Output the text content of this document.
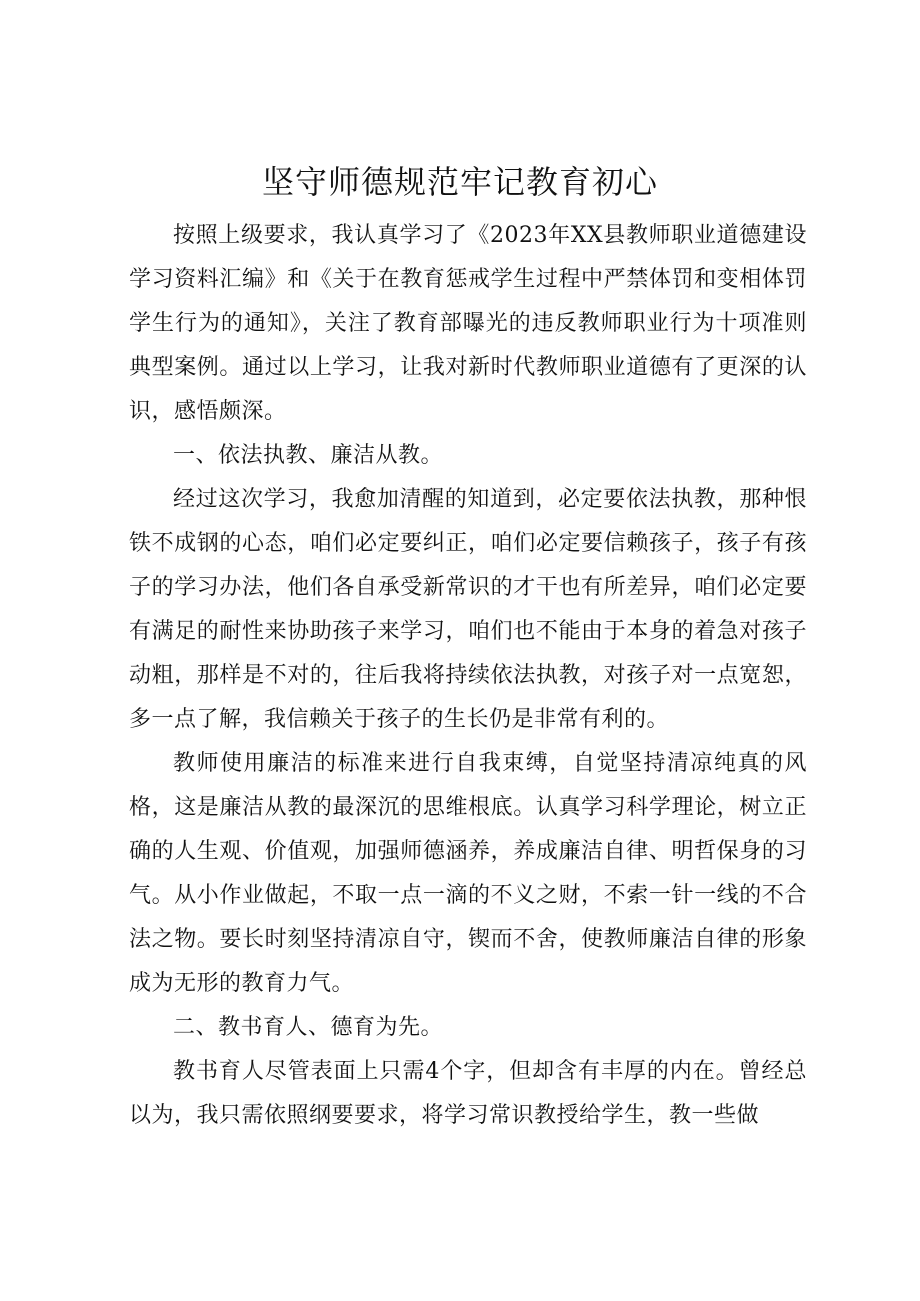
坚守师德规范牢记教育初心

按照上级要求，我认真学习了《2023年XX县教师职业道德建设学习资料汇编》和《关于在教育惩戒学生过程中严禁体罚和变相体罚学生行为的通知》，关注了教育部曝光的违反教师职业行为十项准则典型案例。通过以上学习，让我对新时代教师职业道德有了更深的认识，感悟颇深。

一、依法执教、廉洁从教。

经过这次学习，我愈加清醒的知道到，必定要依法执教，那种恨铁不成钢的心态，咱们必定要纠正，咱们必定要信赖孩子，孩子有孩子的学习办法，他们各自承受新常识的才干也有所差异，咱们必定要有满足的耐性来协助孩子来学习，咱们也不能由于本身的着急对孩子动粗，那样是不对的，往后我将持续依法执教，对孩子对一点宽恕，多一点了解，我信赖关于孩子的生长仍是非常有利的。

教师使用廉洁的标准来进行自我束缚，自觉坚持清凉纯真的风格，这是廉洁从教的最深沉的思维根底。认真学习科学理论，树立正确的人生观、价值观，加强师德涵养，养成廉洁自律、明哲保身的习气。从小作业做起，不取一点一滴的不义之财，不索一针一线的不合法之物。要长时刻坚持清凉自守，锲而不舍，使教师廉洁自律的形象成为无形的教育力气。

二、教书育人、德育为先。

教书育人尽管表面上只需4个字，但却含有丰厚的内在。曾经总以为，我只需依照纲要要求，将学习常识教授给学生，教一些做
